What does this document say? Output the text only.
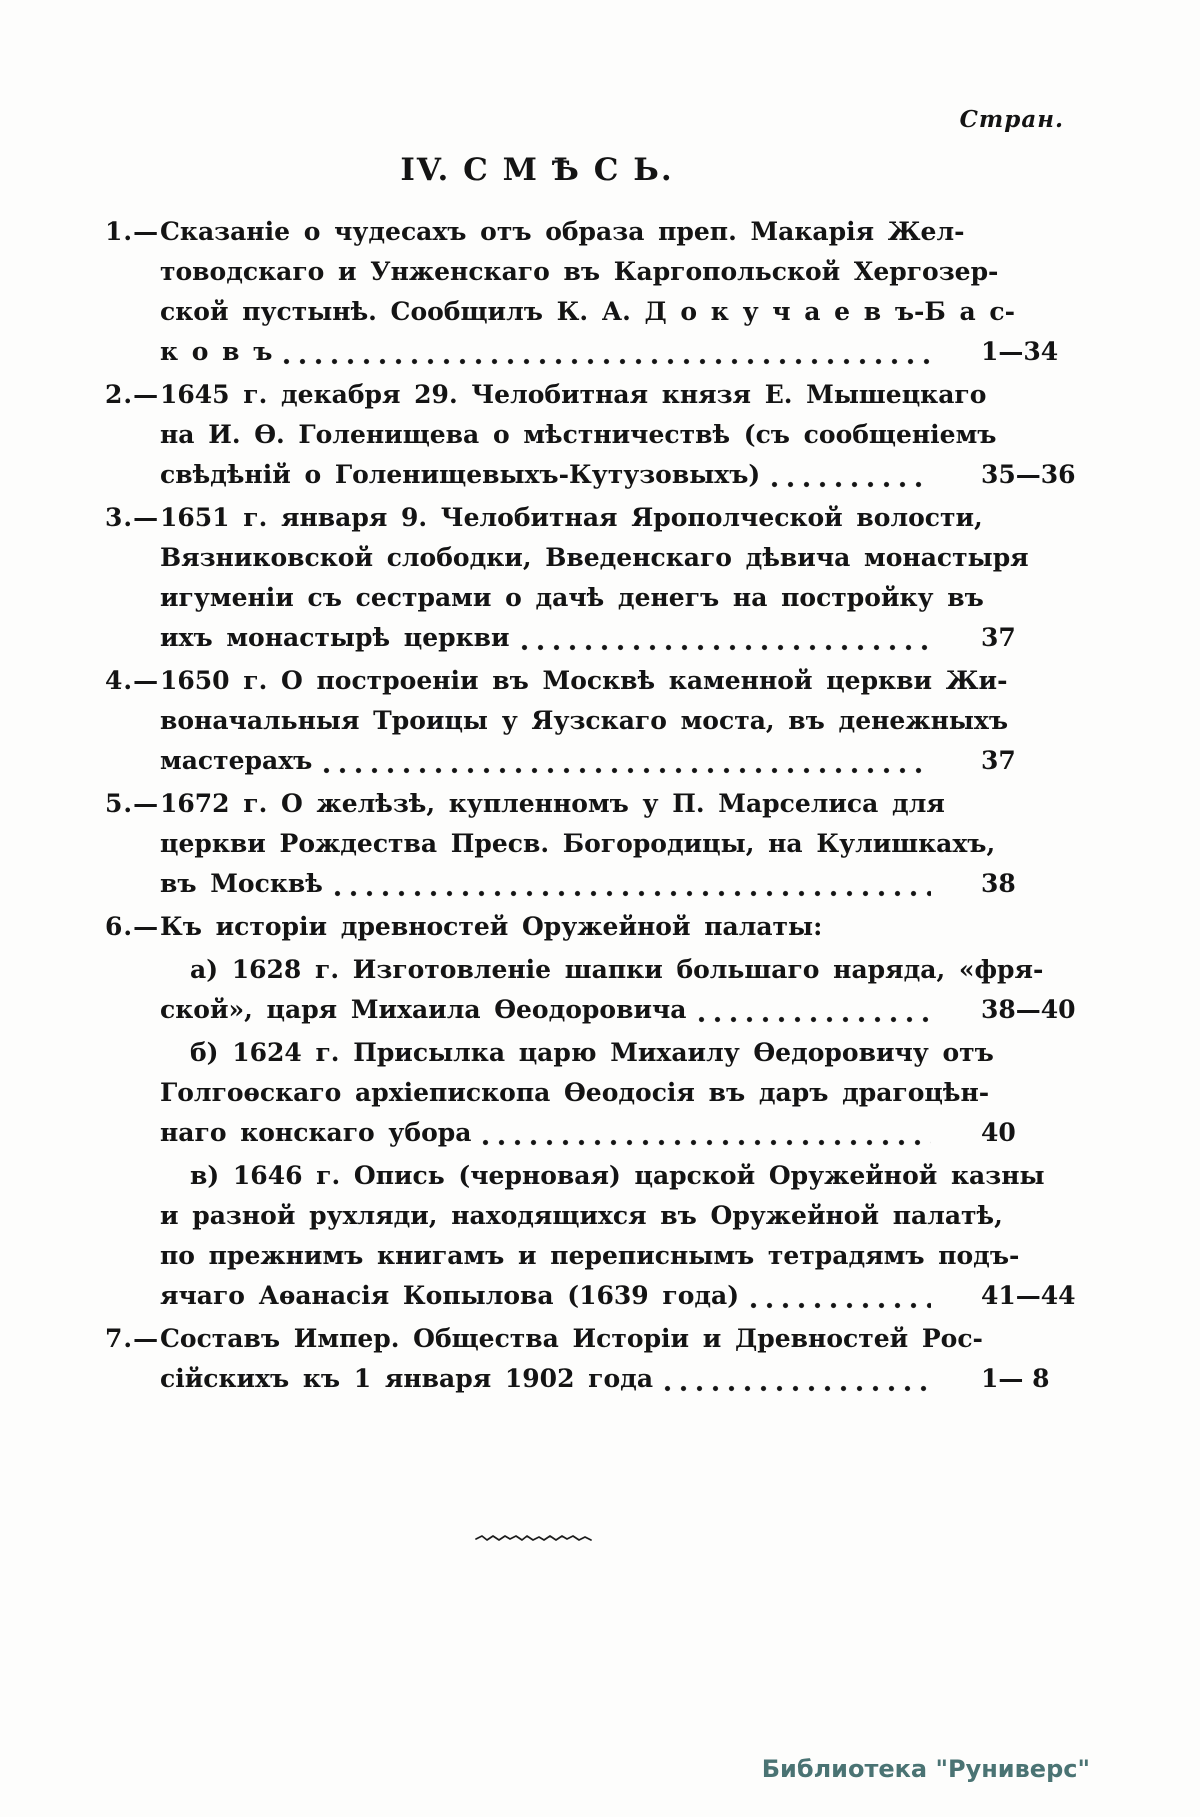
Стран.
IV. С М Ѣ С Ь.
1.— Сказаніе о чудесахъ отъ образа преп. Макарія Жел-
товодскаго и Унженскаго въ Каргопольской Хергозер-
ской пустынѣ. Сообщилъ К. А. Д о к у ч а е в ъ-Б а с-
к о в ъ	1—34
2.— 1645 г. декабря 29. Челобитная князя Е. Мышецкаго
на И. Ѳ. Голенищева о мѣстничествѣ (съ сообщеніемъ
свѣдѣній о Голенищевыхъ-Кутузовыхъ)	35—36
3.— 1651 г. января 9. Челобитная Ярополческой волости,
Вязниковской слободки, Введенскаго дѣвича монастыря
игуменіи съ сестрами о дачѣ денегъ на постройку въ
ихъ монастырѣ церкви	37
4.— 1650 г. О построеніи въ Москвѣ каменной церкви Жи-
воначальныя Троицы у Яузскаго моста, въ денежныхъ
мастерахъ	37
5.— 1672 г. О желѣзѣ, купленномъ у П. Марселиса для
церкви Рождества Пресв. Богородицы, на Кулишкахъ,
въ Москвѣ	38
6.— Къ исторіи древностей Оружейной палаты:
а) 1628 г. Изготовленіе шапки большаго наряда, «фря-
ской», царя Михаила Ѳеодоровича	38—40
б) 1624 г. Присылка царю Михаилу Ѳедоровичу отъ
Голгоѳскаго архіепископа Ѳеодосія въ даръ драгоцѣн-
наго конскаго убора	40
в) 1646 г. Опись (черновая) царской Оружейной казны
и разной рухляди, находящихся въ Оружейной палатѣ,
по прежнимъ книгамъ и переписнымъ тетрадямъ подъ-
ячаго Аѳанасія Копылова (1639 года)	41—44
7.— Составъ Импер. Общества Исторіи и Древностей Рос-
сійскихъ къ 1 января 1902 года	1— 8
Библиотека "Руниверс"
